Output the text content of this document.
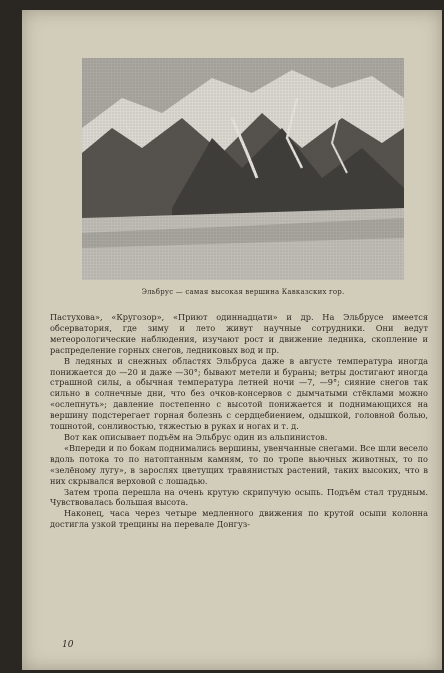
Эльбрус — самая высокая вершина Кавказских гор.

Пастухова», «Кругозор», «Приют одиннадцати» и др. На Эльбрусе имеется обсерватория, где зиму и лето живут научные сотрудники. Они ведут метеорологические наблюдения, изучают рост и движение ледника, скопление и распределение горных снегов, ледниковых вод и пр.

В ледяных и снежных областях Эльбруса даже в августе температура иногда понижается до —20 и даже —30°; бывают метели и бураны; ветры достигают иногда страшной силы, а обычная температура летней ночи —7, —9°; сияние снегов так сильно в солнечные дни, что без очков-консервов с дымчатыми стёклами можно «ослепнуть»; давление постепенно с высотой понижается и поднимающихся на вершину подстерегает горная болезнь с сердцебиением, одышкой, головной болью, тошнотой, сонливостью, тяжестью в руках и ногах и т. д.

Вот как описывает подъём на Эльбрус один из альпинистов.

«Впереди и по бокам поднимались вершины, увенчанные снегами. Все шли весело вдоль потока то по натоптанным камням, то по тропе вьючных животных, то по «зелёному лугу», в зарослях цветущих травянистых растений, таких высоких, что в них скрывался верховой с лошадью.

Затем тропа перешла на очень крутую скрипучую осыпь. Подъём стал трудным. Чувствовалась большая высота.

Наконец, часа через четыре медленного движения по крутой осыпи колонна достигла узкой трещины на перевале Донгуз-

10
